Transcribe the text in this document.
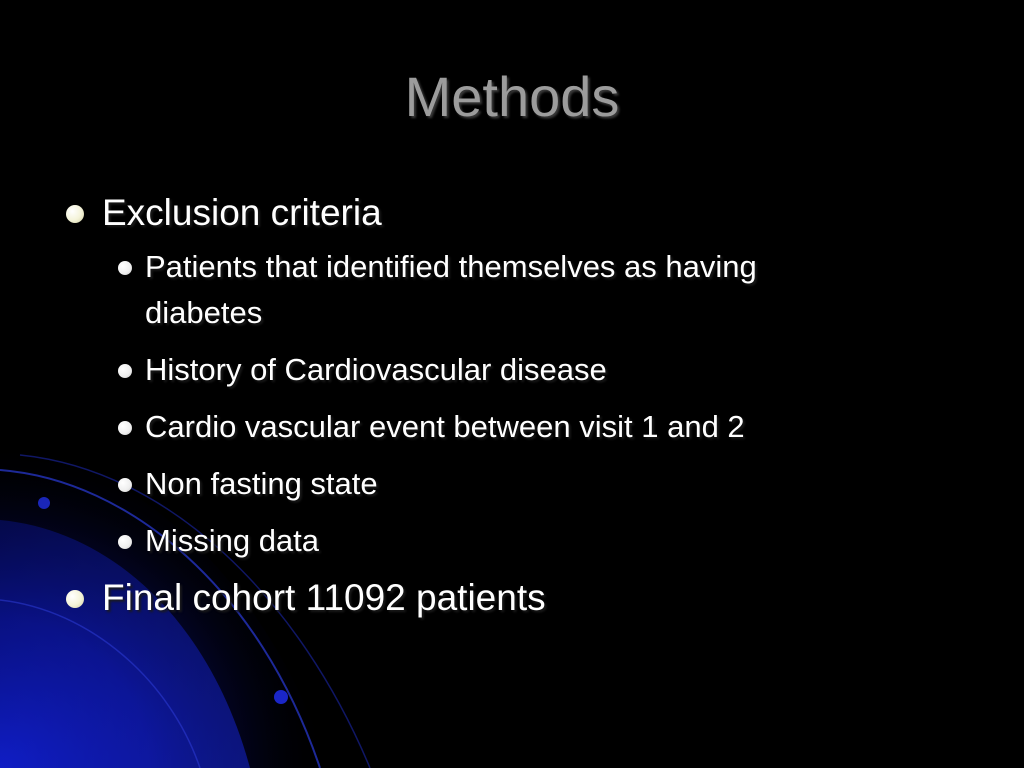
Methods
Exclusion criteria
Patients that identified themselves as having
diabetes
History of Cardiovascular disease
Cardio vascular event between visit 1 and 2
Non fasting state
Missing data
Final cohort 11092 patients
